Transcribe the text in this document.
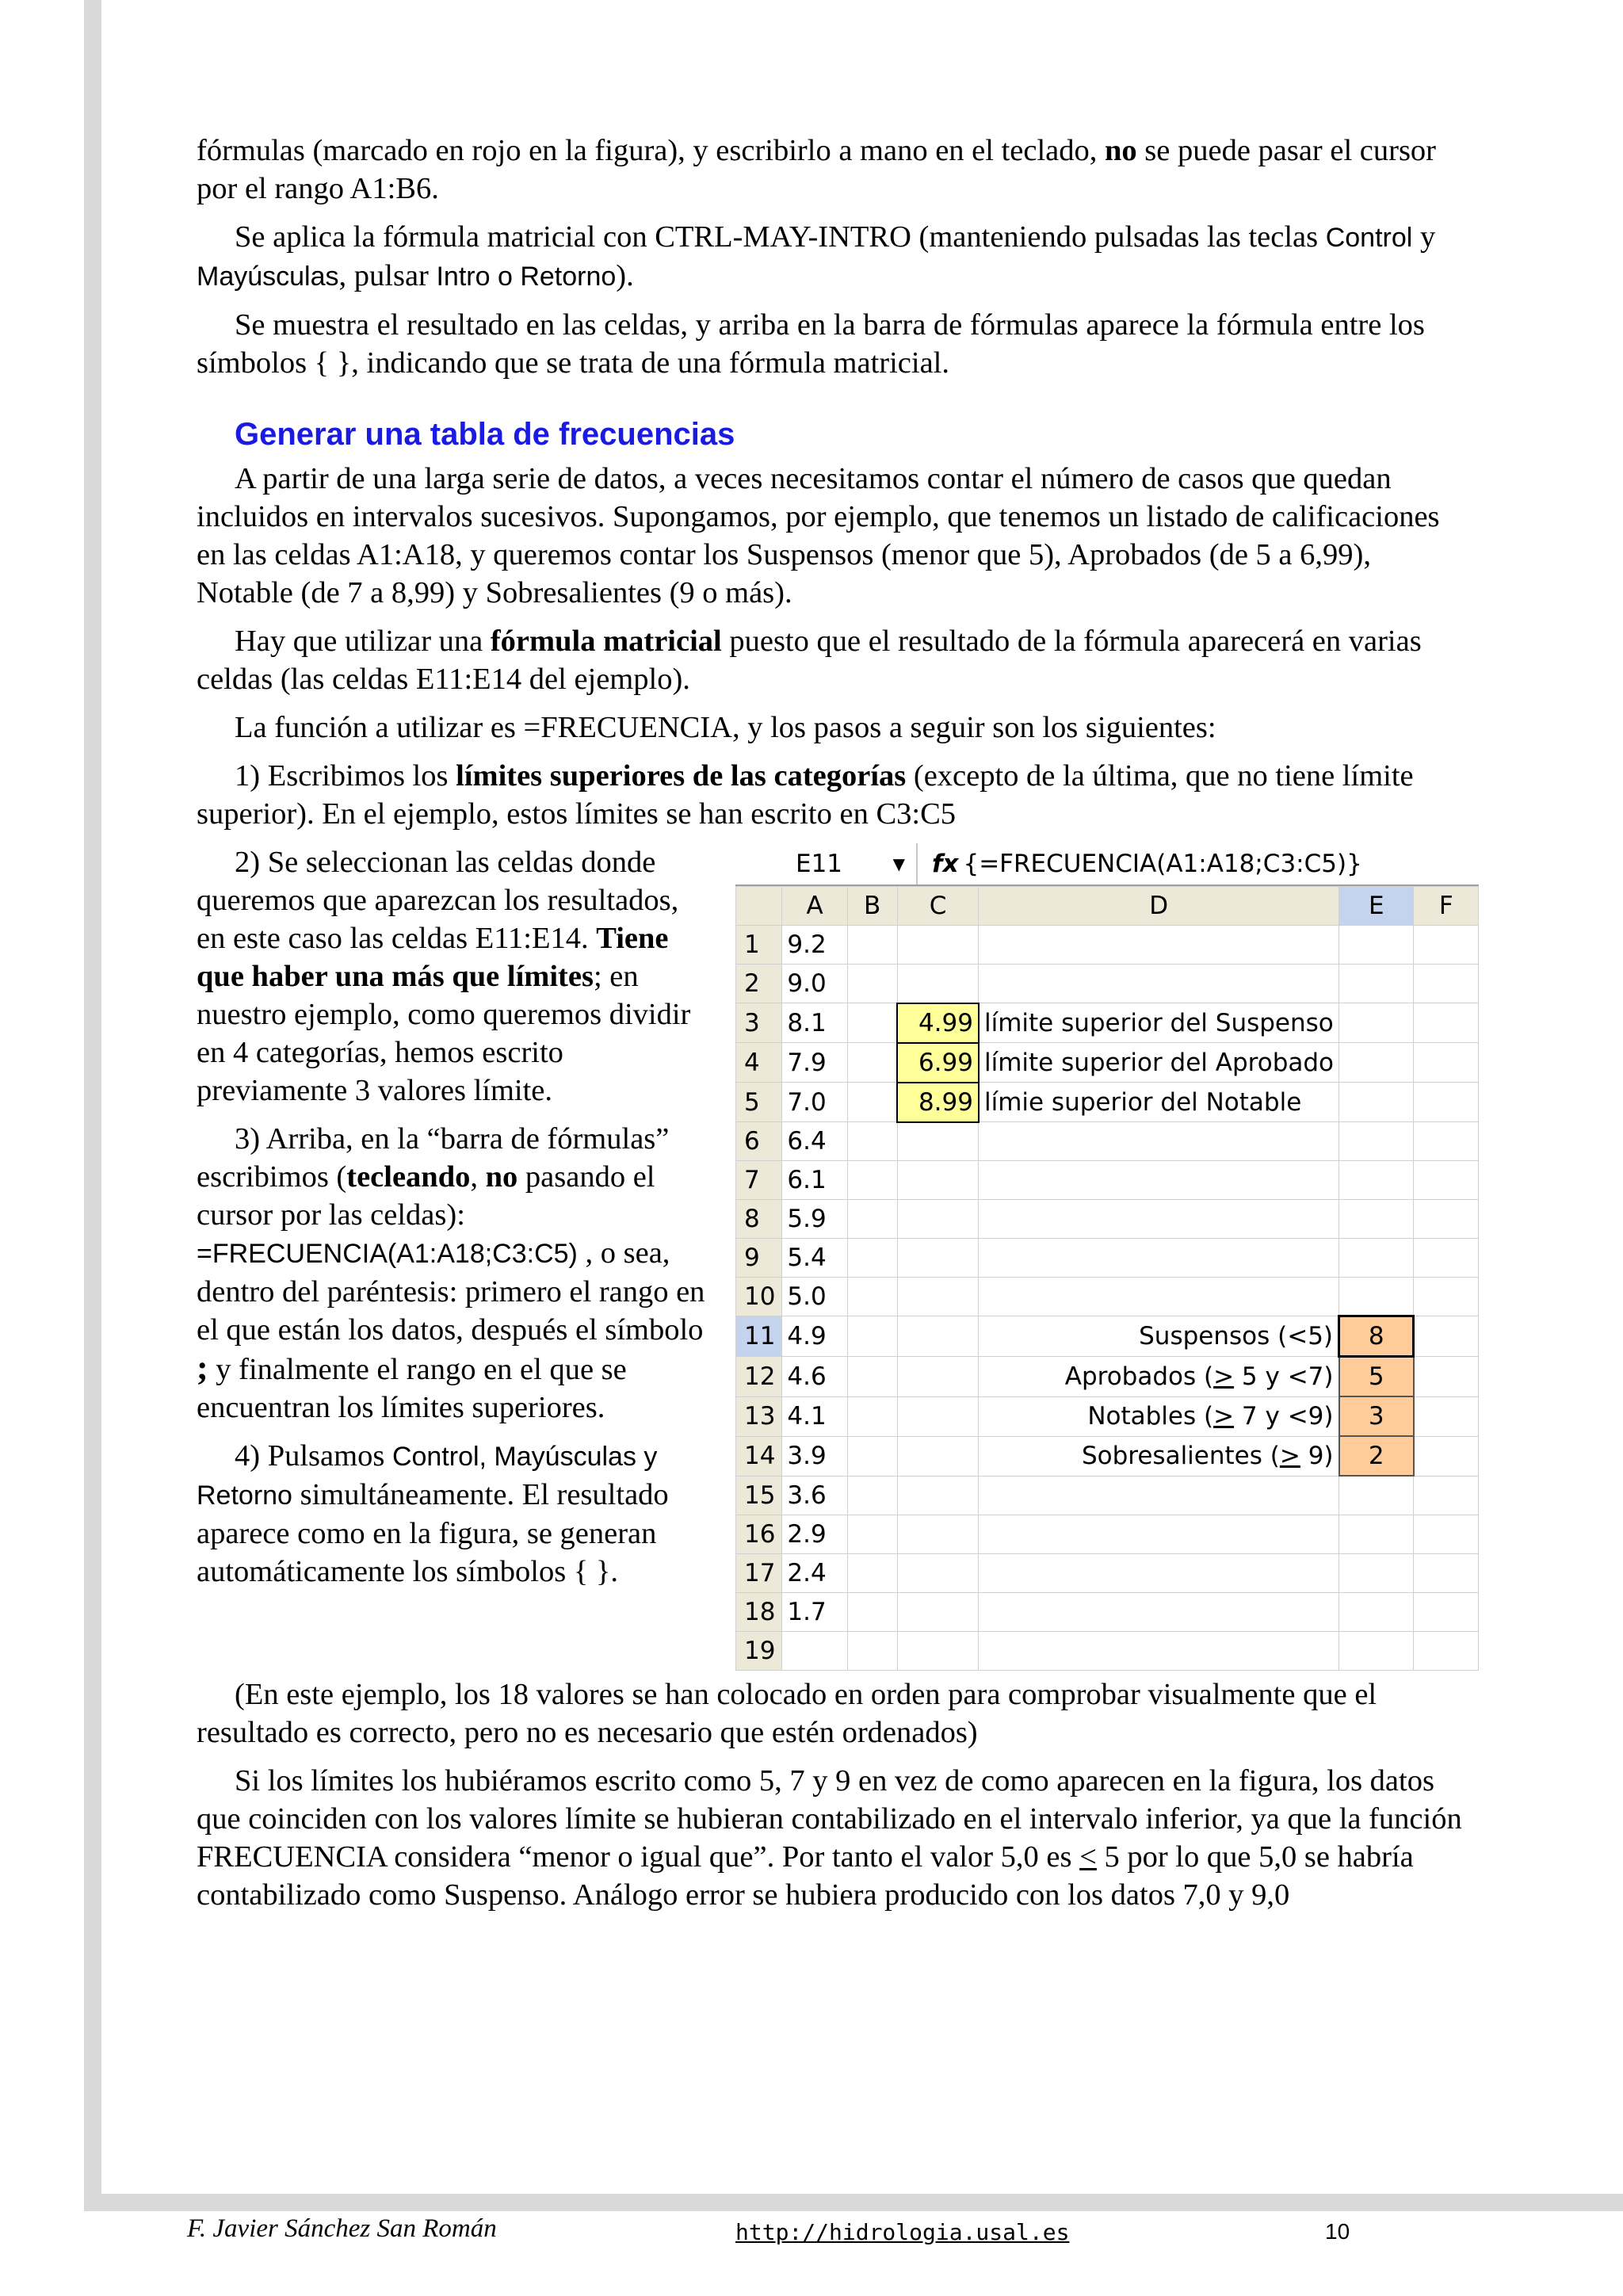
fórmulas (marcado en rojo en la figura), y escribirlo a mano en el teclado, no se puede pasar el cursor por el rango A1:B6.

Se aplica la fórmula matricial con CTRL-MAY-INTRO (manteniendo pulsadas las teclas Control y Mayúsculas, pulsar Intro o Retorno).

Se muestra el resultado en las celdas, y arriba en la barra de fórmulas aparece la fórmula entre los símbolos { }, indicando que se trata de una fórmula matricial.

Generar una tabla de frecuencias

A partir de una larga serie de datos, a veces necesitamos contar el número de casos que quedan incluidos en intervalos sucesivos. Supongamos, por ejemplo, que tenemos un listado de calificaciones en las celdas A1:A18, y queremos contar los Suspensos (menor que 5), Aprobados (de 5 a 6,99), Notable (de 7 a 8,99) y Sobresalientes (9 o más).

Hay que utilizar una fórmula matricial puesto que el resultado de la fórmula aparecerá en varias celdas (las celdas E11:E14 del ejemplo).

La función a utilizar es =FRECUENCIA, y los pasos a seguir son los siguientes:

1) Escribimos los límites superiores de las categorías (excepto de la última, que no tiene límite superior). En el ejemplo, estos límites se han escrito en C3:C5

E11	▼ fx {=FRECUENCIA(A1:A18;C3:C5)}
	A	B	C	D	E	F
1	9.2					
2	9.0					
3	8.1		4.99	límite superior del Suspenso		
4	7.9		6.99	límite superior del Aprobado		
5	7.0		8.99	límie superior del Notable		
6	6.4					
7	6.1					
8	5.9					
9	5.4					
10	5.0					
11	4.9			Suspensos (<5)	8	
12	4.6			Aprobados (> 5 y <7)	5	
13	4.1			Notables (> 7 y <9)	3	
14	3.9			Sobresalientes (> 9)	2	
15	3.6					
16	2.9					
17	2.4					
18	1.7					
19						

2) Se seleccionan las celdas donde queremos que aparezcan los resultados, en este caso las celdas E11:E14. Tiene que haber una más que límites; en nuestro ejemplo, como queremos dividir en 4 categorías, hemos escrito previamente 3 valores límite.

3) Arriba, en la “barra de fórmulas” escribimos (tecleando, no pasando el cursor por las celdas): =FRECUENCIA(A1:A18;C3:C5) , o sea, dentro del paréntesis: primero el rango en el que están los datos, después el símbolo ; y finalmente el rango en el que se encuentran los límites superiores.

4) Pulsamos Control, Mayúsculas y Retorno simultáneamente. El resultado aparece como en la figura, se generan automáticamente los símbolos { }.

(En este ejemplo, los 18 valores se han colocado en orden para comprobar visualmente que el resultado es correcto, pero no es necesario que estén ordenados)

Si los límites los hubiéramos escrito como 5, 7 y 9 en vez de como aparecen en la figura, los datos que coinciden con los valores límite se hubieran contabilizado en el intervalo inferior, ya que la función FRECUENCIA considera “menor o igual que”. Por tanto el valor 5,0 es < 5 por lo que 5,0 se habría contabilizado como Suspenso. Análogo error se hubiera producido con los datos 7,0 y 9,0

F. Javier Sánchez San Román	http://hidrologia.usal.es	10
